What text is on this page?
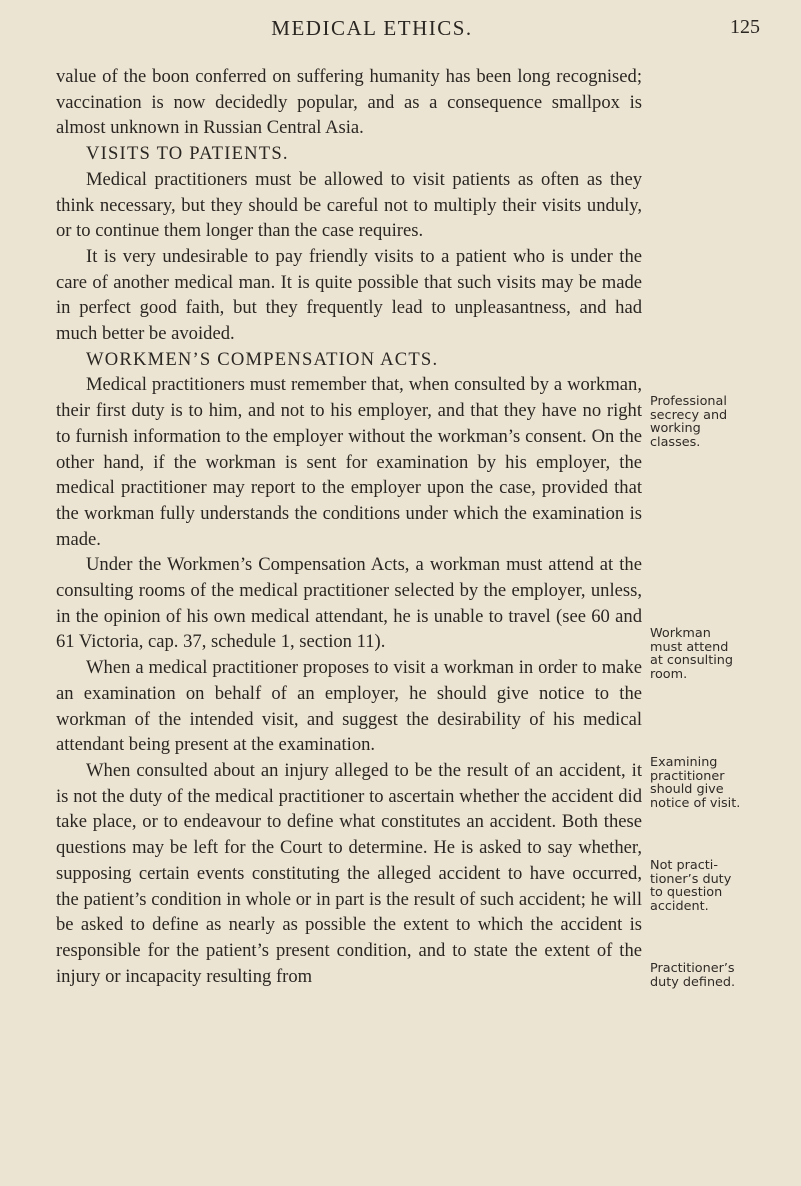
MEDICAL ETHICS.	125

value of the boon conferred on suffering humanity has been long recognised; vaccination is now decidedly popular, and as a consequence smallpox is almost unknown in Russian Central Asia.

VISITS TO PATIENTS.

Medical practitioners must be allowed to visit patients as often as they think necessary, but they should be careful not to multiply their visits unduly, or to continue them longer than the case requires.

It is very undesirable to pay friendly visits to a patient who is under the care of another medical man. It is quite possible that such visits may be made in perfect good faith, but they frequently lead to unpleasantness, and had much better be avoided.

WORKMEN’S COMPENSATION ACTS.

Medical practitioners must remember that, when consulted by a workman, their first duty is to him, and not to his employer, and that they have no right to furnish information to the employer without the workman’s consent. On the other hand, if the workman is sent for examination by his employer, the medical practitioner may report to the employer upon the case, provided that the workman fully understands the conditions under which the examination is made.

Under the Workmen’s Compensation Acts, a workman must attend at the consulting rooms of the medical practitioner selected by the employer, unless, in the opinion of his own medical attendant, he is unable to travel (see 60 and 61 Victoria, cap. 37, schedule 1, section 11).

When a medical practitioner proposes to visit a workman in order to make an examination on behalf of an employer, he should give notice to the workman of the intended visit, and suggest the desirability of his medical attendant being present at the examination.

When consulted about an injury alleged to be the result of an accident, it is not the duty of the medical practitioner to ascertain whether the accident did take place, or to endeavour to define what constitutes an accident. Both these questions may be left for the Court to determine. He is asked to say whether, supposing certain events constituting the alleged accident to have occurred, the patient’s condition in whole or in part is the result of such accident; he will be asked to define as nearly as possible the extent to which the accident is responsible for the patient’s present condition, and to state the extent of the injury or incapacity resulting from

Professional
secrecy and
working
classes.
Workman
must attend
at consulting
room.
Examining
practitioner
should give
notice of visit.
Not practi-
tioner’s duty
to question
accident.
Practitioner’s
duty defined.
